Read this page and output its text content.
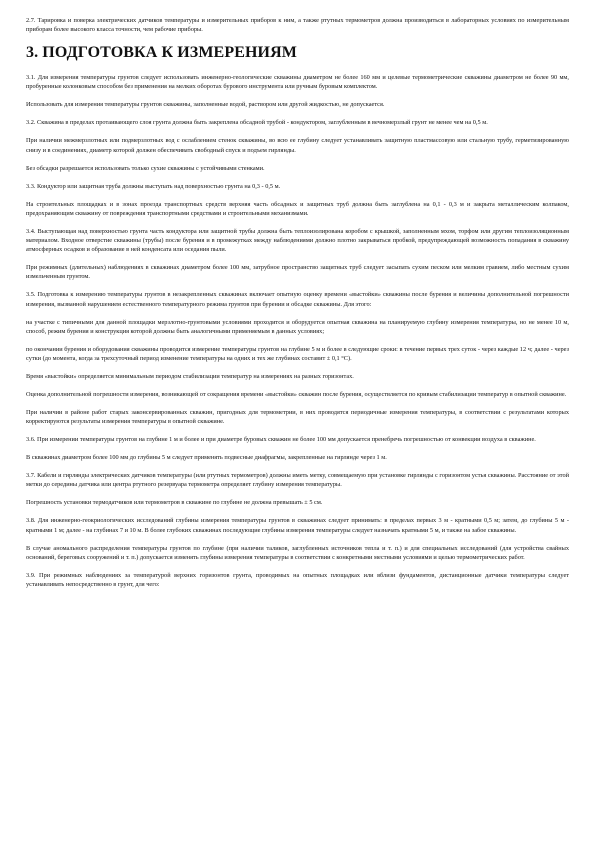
2.7. Тарировка и поверка электрических датчиков температуры и измерительных приборов к ним, а также ртутных термометров должна производиться в лабораторных условиях по измерительным приборам более высокого класса точности, чем рабочие приборы.

3. ПОДГОТОВКА К ИЗМЕРЕНИЯМ

3.1. Для измерения температуры грунтов следует использовать инженерно-геологические скважины диаметром не более 160 мм и целевые термометрические скважины диаметром не более 90 мм, пробуренные колонковым способом без применения на мелких оборотах бурового инструмента или ручным буровым комплектом.

Использовать для измерения температуры грунтов скважины, заполненные водой, раствором или другой жидкостью, не допускается.

3.2. Скважина в пределах протаивающего слоя грунта должна быть закреплена обсадной трубой - кондуктором, заглубленным в вечномерзлый грунт не менее чем на 0,5 м.

При наличии межмерзлотных или подмерзлотных вод с ослаблением стенок скважины, во всю ее глубину следует устанавливать защитную пластмассовую или стальную трубу, герметизированную снизу и в соединениях, диаметр которой должен обеспечивать свободный спуск и подъем гирлянды.

Без обсадки разрешается использовать только сухие скважины с устойчивыми стенками.

3.3. Кондуктор или защитная труба должны выступать над поверхностью грунта на 0,3 - 0,5 м.

На строительных площадках и в зонах проезда транспортных средств верхняя часть обсадных и защитных труб должна быть заглублена на 0,1 - 0,3 м и закрыта металлическим колпаком, предохраняющим скважину от повреждения транспортными средствами и строительными механизмами.

3.4. Выступающая над поверхностью грунта часть кондуктора или защитной трубы должна быть теплоизолирована коробом с крышкой, заполненным мхом, торфом или другим теплоизоляционным материалом. Входное отверстие скважины (трубы) после бурения и в промежутках между наблюдениями должно плотно закрываться пробкой, предупреждающей возможность попадания в скважину атмосферных осадков и образование в ней конденсата или оседания пыли.

При режимных (длительных) наблюдениях в скважинах диаметром более 100 мм, затрубное пространство защитных труб следует засыпать сухим песком или мелким гравием, либо местным сухим измельченным грунтом.

3.5. Подготовка к измерению температуры грунтов в незакрепленных скважинах включает опытную оценку времени «выстойки» скважины после бурения и величины дополнительной погрешности измерения, вызванной нарушением естественного температурного режима грунтов при бурении и обсадке скважины. Для этого:

на участке с типичными для данной площадки мерзлотно-грунтовыми условиями проходится и оборудуется опытная скважина на планируемую глубину измерения температуры, но не менее 10 м, способ, режим бурения и конструкция которой должны быть аналогичными применяемым в данных условиях;

по окончании бурения и оборудования скважины проводится измерение температуры грунтов на глубине 5 м и более в следующие сроки: в течение первых трех суток - через каждые 12 ч; далее - через сутки (до момента, когда за трехсуточный период изменение температуры на одних и тех же глубинах составит ± 0,1 °С).

Время «выстойки» определяется минимальным периодом стабилизации температур на измерениях на разных горизонтах.

Оценка дополнительной погрешности измерения, возникающей от сокращения времени «выстойки» скважин после бурения, осуществляется по кривым стабилизации температур в опытной скважине.

При наличии в районе работ старых законсервированных скважин, пригодных для термометрии, в них проводятся периодичные измерения температуры, в соответствии с результатами которых корректируются результаты измерения температуры в опытной скважине.

3.6. При измерении температуры грунтов на глубине 1 м и более и при диаметре буровых скважин не более 100 мм допускается пренебречь погрешностью от конвекции воздуха в скважине.

В скважинах диаметром более 100 мм до глубины 5 м следует применять подвесные диафрагмы, закрепленные на гирлянде через 1 м.

3.7. Кабели и гирлянды электрических датчиков температуры (или ртутных термометров) должны иметь метку, совмещаемую при установке гирлянды с горизонтом устья скважины. Расстояние от этой метки до середины датчика или центра ртутного резервуара термометра определяет глубину измерения температуры.

Погрешность установки термодатчиков или термометров в скважине по глубине не должна превышать ± 5 см.

3.8. Для инженерно-геокриологических исследований глубины измерения температуры грунтов в скважинах следует принимать: в пределах первых 3 м - кратными 0,5 м; затем, до глубины 5 м - кратными 1 м; далее - на глубинах 7 и 10 м. В более глубоких скважинах последующие глубины измерения температуры следует назначать кратными 5 м, и также на забое скважины.

В случае аномального распределения температуры грунтов по глубине (при наличии таликов, заглубленных источников тепла и т. п.) и для специальных исследований (для устройства свайных оснований, береговых сооружений и т. п.) допускается изменять глубины измерения температуры в соответствии с конкретными местными условиями и целью термометрических работ.

3.9. При режимных наблюдениях за температурой верхних горизонтов грунта, проводимых на опытных площадках или вблизи фундаментов, дистанционные датчики температуры следует устанавливать непосредственно в грунт, для чего:
